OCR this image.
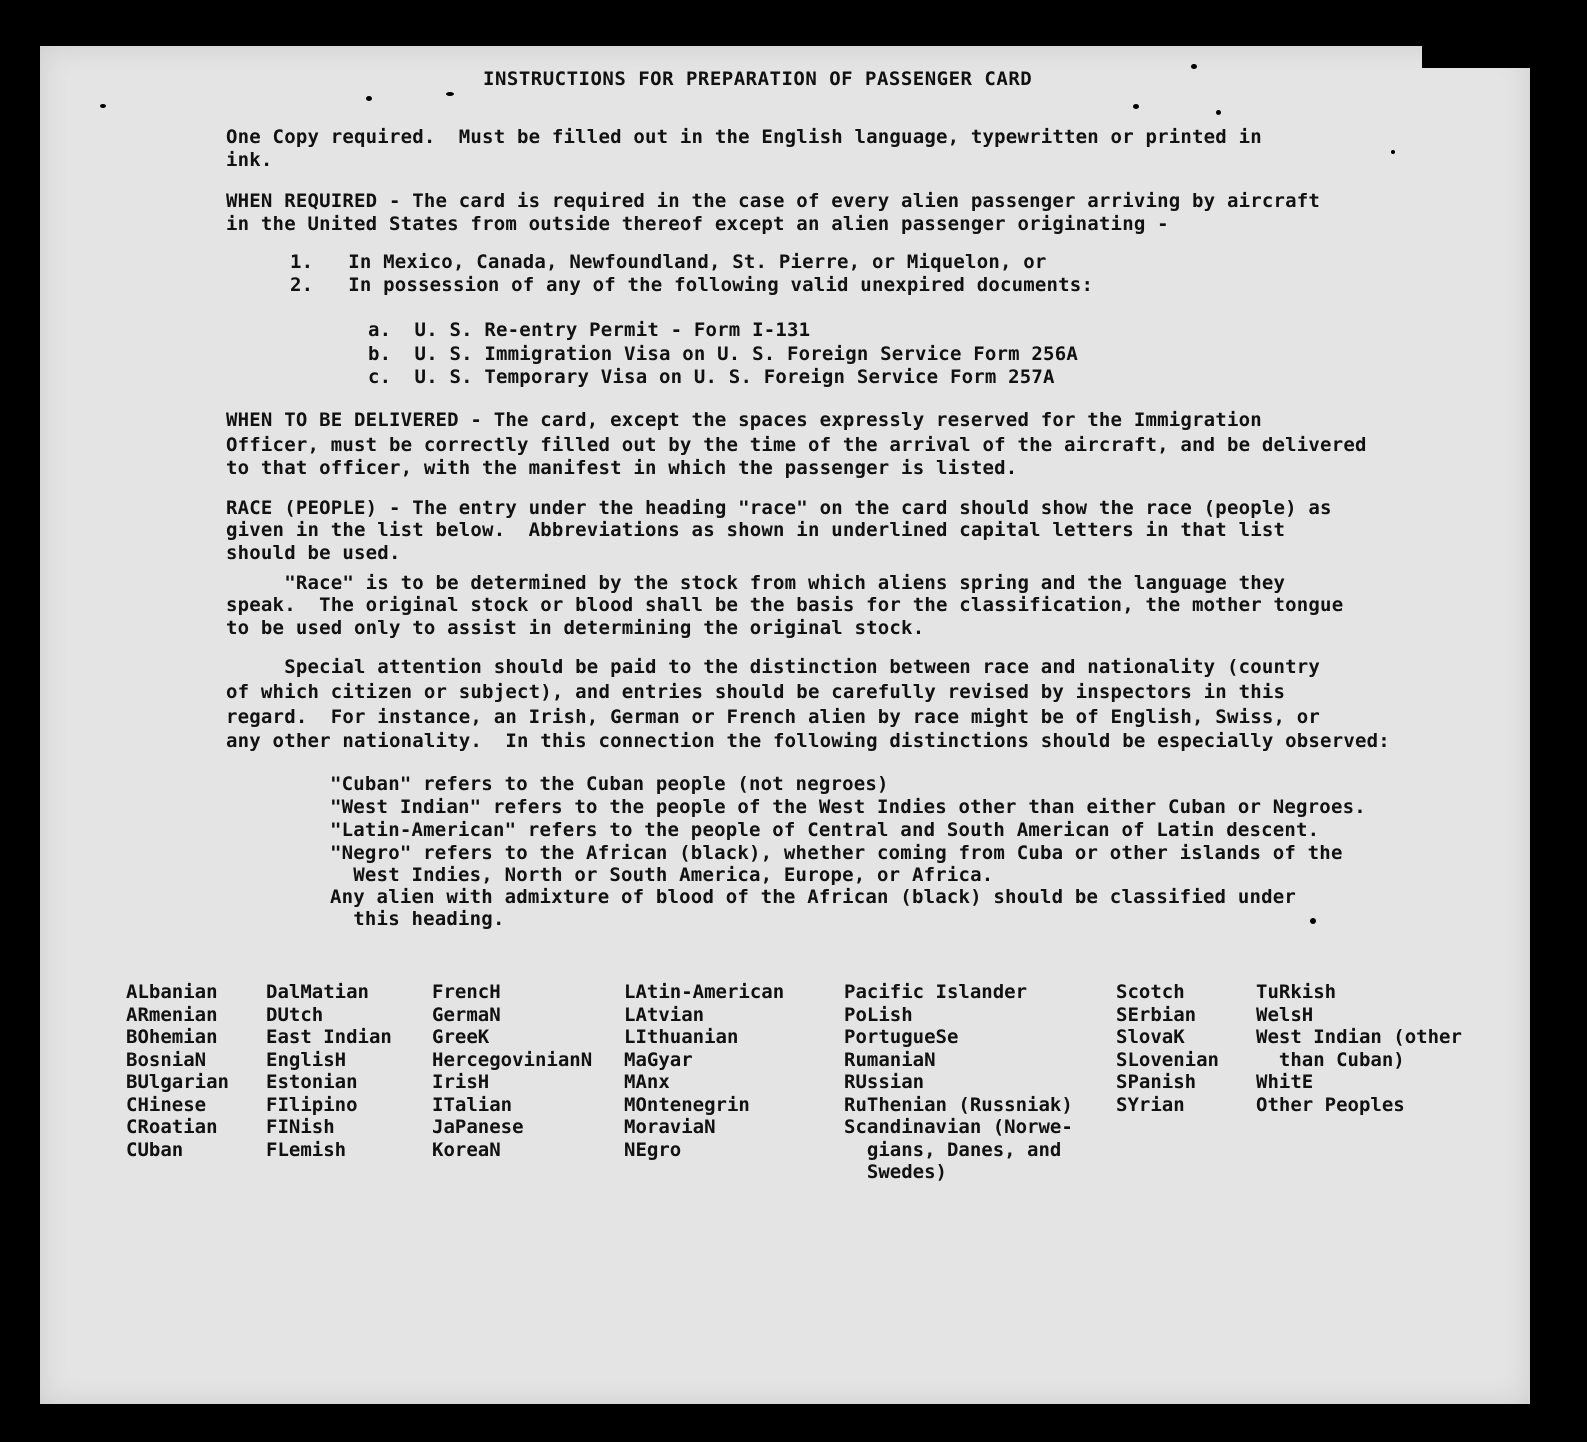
INSTRUCTIONS FOR PREPARATION OF PASSENGER CARD
One Copy required.  Must be filled out in the English language, typewritten or printed in
ink.
WHEN REQUIRED - The card is required in the case of every alien passenger arriving by aircraft
in the United States from outside thereof except an alien passenger originating -
1.   In Mexico, Canada, Newfoundland, St. Pierre, or Miquelon, or
2.   In possession of any of the following valid unexpired documents:
a.  U. S. Re-entry Permit - Form I-131
b.  U. S. Immigration Visa on U. S. Foreign Service Form 256A
c.  U. S. Temporary Visa on U. S. Foreign Service Form 257A
WHEN TO BE DELIVERED - The card, except the spaces expressly reserved for the Immigration
Officer, must be correctly filled out by the time of the arrival of the aircraft, and be delivered
to that officer, with the manifest in which the passenger is listed.
RACE (PEOPLE) - The entry under the heading "race" on the card should show the race (people) as
given in the list below.  Abbreviations as shown in underlined capital letters in that list
should be used.
"Race" is to be determined by the stock from which aliens spring and the language they
speak.  The original stock or blood shall be the basis for the classification, the mother tongue
to be used only to assist in determining the original stock.
Special attention should be paid to the distinction between race and nationality (country
of which citizen or subject), and entries should be carefully revised by inspectors in this
regard.  For instance, an Irish, German or French alien by race might be of English, Swiss, or
any other nationality.  In this connection the following distinctions should be especially observed:
"Cuban" refers to the Cuban people (not negroes)
"West Indian" refers to the people of the West Indies other than either Cuban or Negroes.
"Latin-American" refers to the people of Central and South American of Latin descent.
"Negro" refers to the African (black), whether coming from Cuba or other islands of the
West Indies, North or South America, Europe, or Africa.
Any alien with admixture of blood of the African (black) should be classified under
this heading.
ALbanian
ARmenian
BOhemian
BosniaN
BUlgarian
CHinese
CRoatian
CUban
DalMatian
DUtch
East Indian
EnglisH
Estonian
FIlipino
FINish
FLemish
FrencH
GermaN
GreeK
HercegovinianN
IrisH
ITalian
JaPanese
KoreaN
LAtin-American
LAtvian
LIthuanian
MaGyar
MAnx
MOntenegrin
MoraviaN
NEgro
Pacific Islander
PoLish
PortugueSe
RumaniaN
RUssian
RuThenian (Russniak)
Scandinavian (Norwe-
gians, Danes, and
Swedes)
Scotch
SErbian
SlovaK
SLovenian
SPanish
SYrian
TuRkish
WelsH
West Indian (other
than Cuban)
WhitE
Other Peoples
